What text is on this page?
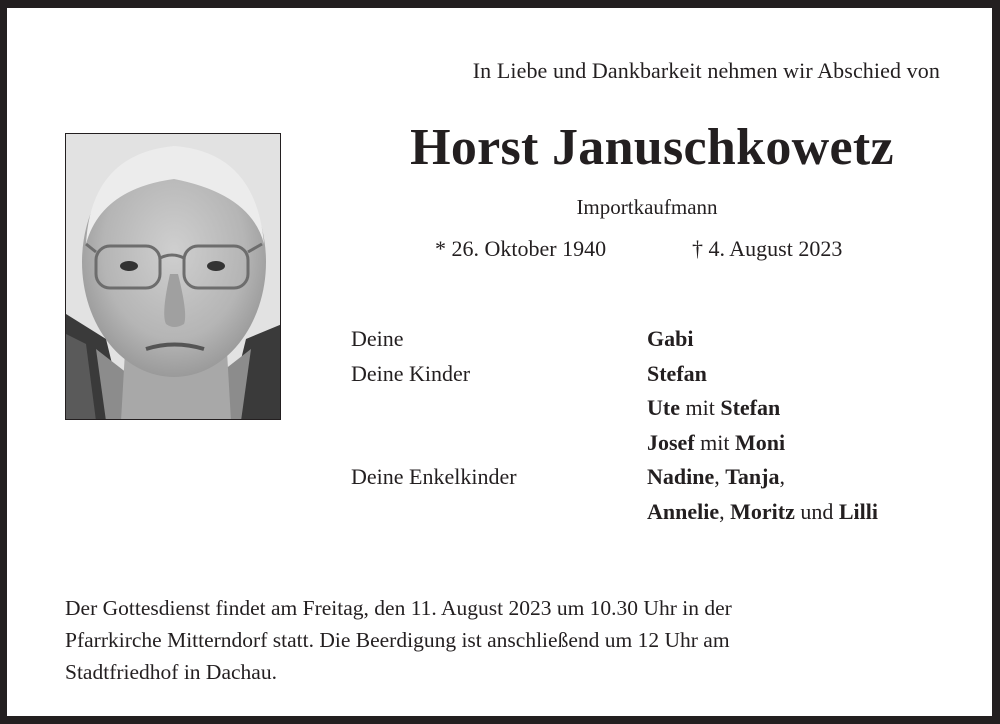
In Liebe und Dankbarkeit nehmen wir Abschied von
Horst Januschkowetz
Importkaufmann
* 26. Oktober 1940	† 4. August 2023
Deine	Gabi
Deine Kinder	Stefan
Ute mit Stefan
Josef mit Moni
Deine Enkelkinder	Nadine, Tanja,
Annelie, Moritz und Lilli
Der Gottesdienst findet am Freitag, den 11. August 2023 um 10.30 Uhr in der
Pfarrkirche Mitterndorf statt. Die Beerdigung ist anschließend um 12 Uhr am
Stadtfriedhof in Dachau.
